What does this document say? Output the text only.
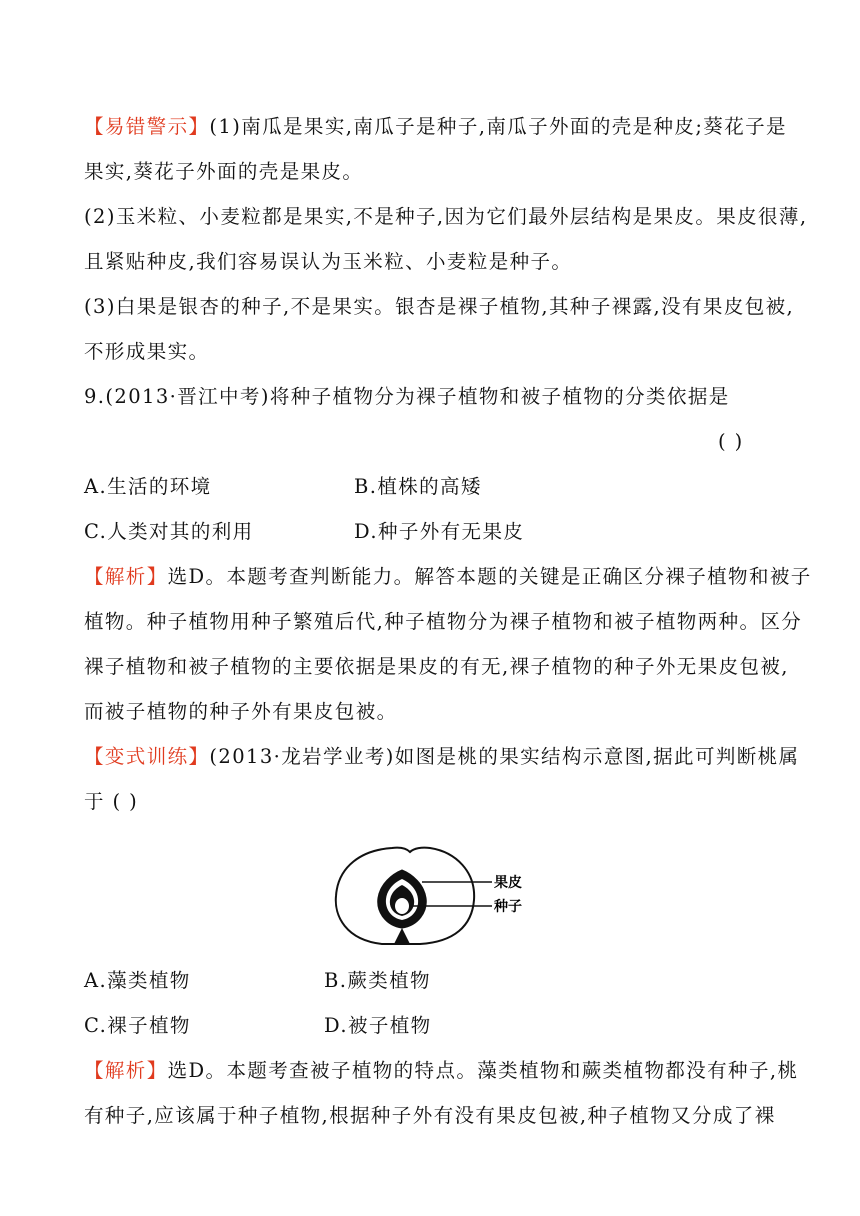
【易错警示】(1)南瓜是果实,南瓜子是种子,南瓜子外面的壳是种皮;葵花子是
果实,葵花子外面的壳是果皮。
(2)玉米粒、小麦粒都是果实,不是种子,因为它们最外层结构是果皮。果皮很薄,
且紧贴种皮,我们容易误认为玉米粒、小麦粒是种子。
(3)白果是银杏的种子,不是果实。银杏是裸子植物,其种子裸露,没有果皮包被,
不形成果实。
9.(2013·晋江中考)将种子植物分为裸子植物和被子植物的分类依据是
( )
A.生活的环境	B.植株的高矮
C.人类对其的利用	D.种子外有无果皮
【解析】选D。本题考查判断能力。解答本题的关键是正确区分裸子植物和被子
植物。种子植物用种子繁殖后代,种子植物分为裸子植物和被子植物两种。区分
裸子植物和被子植物的主要依据是果皮的有无,裸子植物的种子外无果皮包被,
而被子植物的种子外有果皮包被。
【变式训练】(2013·龙岩学业考)如图是桃的果实结构示意图,据此可判断桃属
于 ( )
果皮
种子
A.藻类植物	B.蕨类植物
C.裸子植物	D.被子植物
【解析】选D。本题考查被子植物的特点。藻类植物和蕨类植物都没有种子,桃
有种子,应该属于种子植物,根据种子外有没有果皮包被,种子植物又分成了裸
